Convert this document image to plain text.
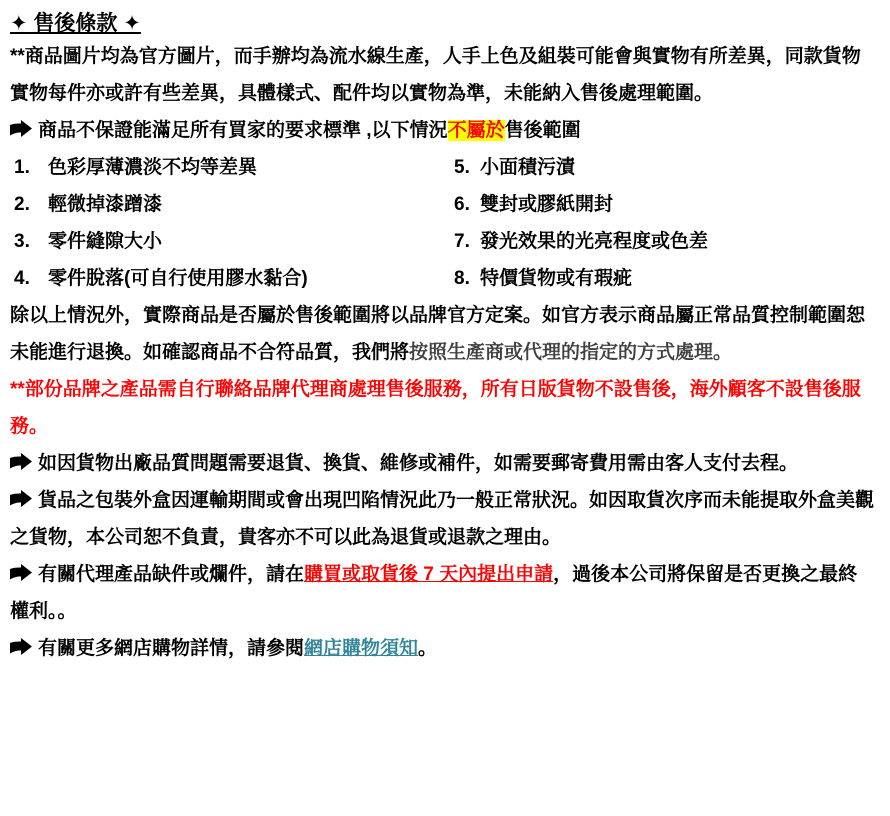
✦ 售後條款 ✦

**商品圖片均為官方圖片，而手辦均為流水線生產，人手上色及組裝可能會與實物有所差異，同款貨物實物每件亦或許有些差異，具體樣式、配件均以實物為準，未能納入售後處理範圍。

商品不保證能滿足所有買家的要求標準 ,以下情況不屬於售後範圍

1. 色彩厚薄濃淡不均等差異
2. 輕微掉漆蹭漆
3. 零件縫隙大小
4. 零件脫落(可自行使用膠水黏合)
5. 小面積污漬
6. 雙封或膠紙開封
7. 發光效果的光亮程度或色差
8. 特價貨物或有瑕疵

除以上情況外，實際商品是否屬於售後範圍將以品牌官方定案。如官方表示商品屬正常品質控制範圍恕未能進行退換。如確認商品不合符品質，我們將按照生產商或代理的指定的方式處理。

**部份品牌之產品需自行聯絡品牌代理商處理售後服務，所有日版貨物不設售後，海外顧客不設售後服務。

如因貨物出廠品質問題需要退貨、換貨、維修或補件，如需要郵寄費用需由客人支付去程。

貨品之包裝外盒因運輸期間或會出現凹陷情況此乃一般正常狀況。如因取貨次序而未能提取外盒美觀之貨物，本公司恕不負責，貴客亦不可以此為退貨或退款之理由。

有關代理產品缺件或爛件，請在購買或取貨後 7 天內提出申請，過後本公司將保留是否更換之最終權利。。

有關更多網店購物詳情，請參閱網店購物須知。
